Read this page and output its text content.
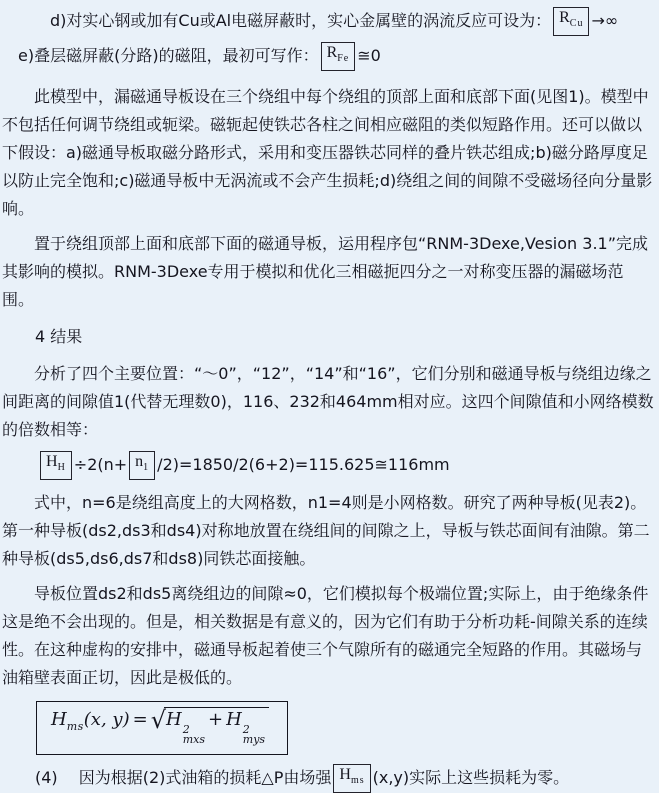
d)对实心钢或加有Cu或Al电磁屏蔽时，实心金属壁的涡流反应可设为： $R_{Cu}$ →∞

e)叠层磁屏蔽(分路)的磁阻，最初可写作： $R_{Fe}$ ≅0

此模型中，漏磁通导板设在三个绕组中每个绕组的顶部上面和底部下面(见图1)。模型中不包括任何调节绕组或轭梁。磁轭起使铁芯各柱之间相应磁阻的类似短路作用。还可以做以下假设：a)磁通导板取磁分路形式，采用和变压器铁芯同样的叠片铁芯组成;b)磁分路厚度足以防止完全饱和;c)磁通导板中无涡流或不会产生损耗;d)绕组之间的间隙不受磁场径向分量影响。

置于绕组顶部上面和底部下面的磁通导板，运用程序包“RNM-3Dexe,Vesion 3.1”完成其影响的模拟。RNM-3Dexe专用于模拟和优化三相磁扼四分之一对称变压器的漏磁场范围。

4 结果

分析了四个主要位置：“～0”，“12”，“14”和“16”，它们分别和磁通导板与绕组边缘之间距离的间隙值1(代替无理数0)，116、232和464mm相对应。这四个间隙值和小网络模数的倍数相等：

$H_H \div 2(n+ n_1$ /2)=1850/2(6+2)=115.625≅116mm

式中，n=6是绕组高度上的大网格数，n1=4则是小网格数。研究了两种导板(见表2)。第一种导板(ds2,ds3和ds4)对称地放置在绕组间的间隙之上，导板与铁芯面间有油隙。第二种导板(ds5,ds6,ds7和ds8)同铁芯面接触。

导板位置ds2和ds5离绕组边的间隙≈0，它们模拟每个极端位置;实际上，由于绝缘条件这是绝不会出现的。但是，相关数据是有意义的，因为它们有助于分析功耗-间隙关系的连续性。在这种虚构的安排中，磁通导板起着使三个气隙所有的磁通完全短路的作用。其磁场与油箱壁表面正切，因此是极低的。

$H_{ms}(x$, y) = √H 2
mxs
+ H 2
mys

(4)　 因为根据(2)式油箱的损耗△P由场强 $H_{ms}$ (x,y)实际上这些损耗为零。
